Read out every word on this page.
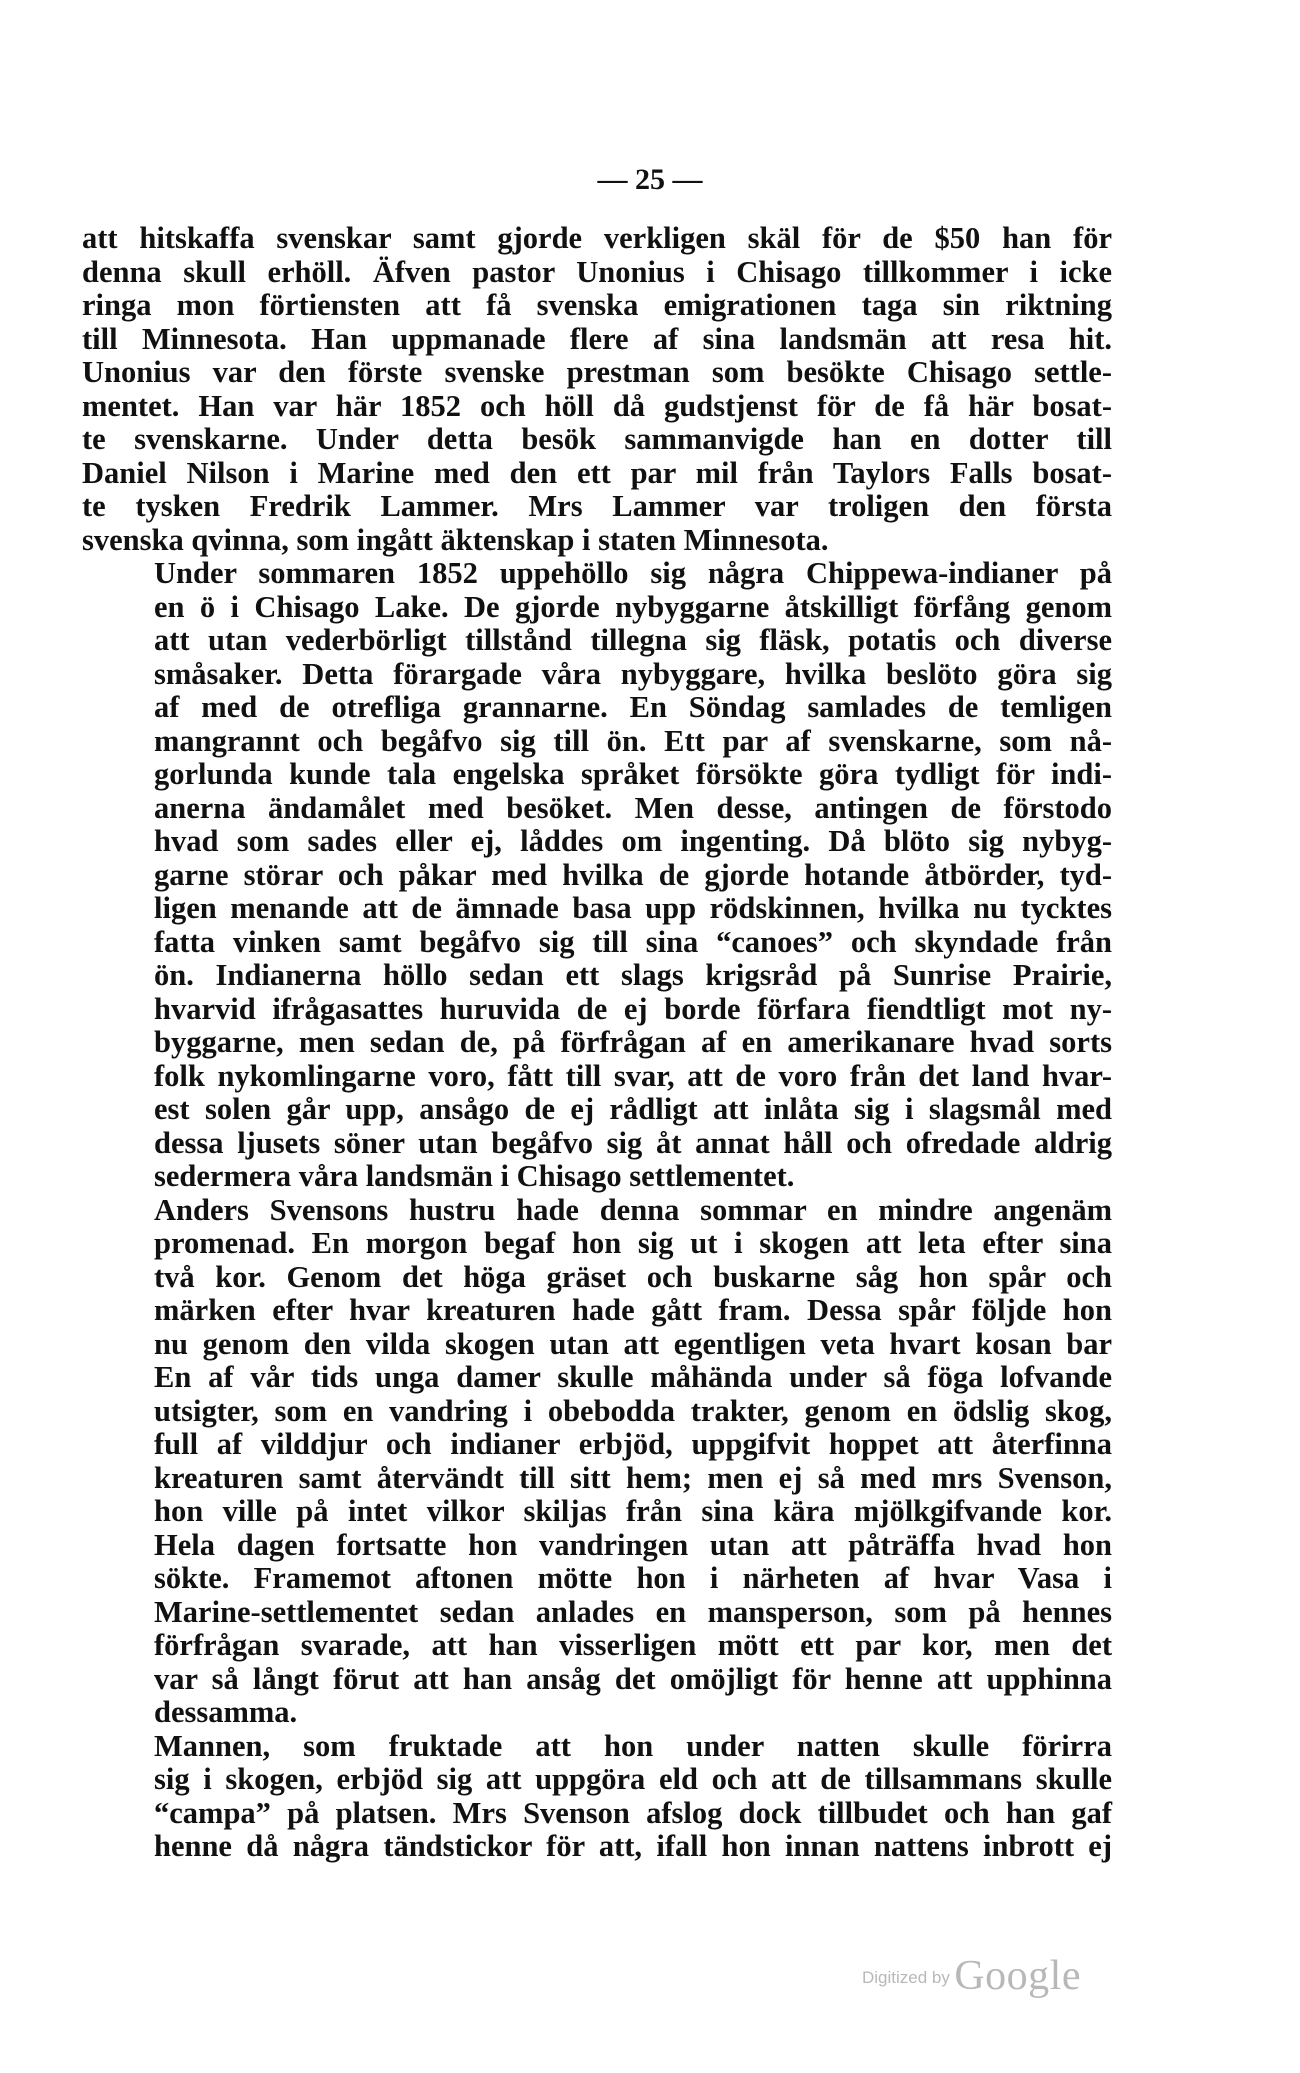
— 25 —
att hitskaffa svenskar samt gjorde verkligen skäl för de $50 han för
denna skull erhöll. Äfven pastor Unonius i Chisago tillkommer i icke
ringa mon förtiensten att få svenska emigrationen taga sin riktning
till Minnesota. Han uppmanade flere af sina landsmän att resa hit.
Unonius var den förste svenske prestman som besökte Chisago settle-
mentet. Han var här 1852 och höll då gudstjenst för de få här bosat-
te svenskarne. Under detta besök sammanvigde han en dotter till
Daniel Nilson i Marine med den ett par mil från Taylors Falls bosat-
te tysken Fredrik Lammer. Mrs Lammer var troligen den första
svenska qvinna, som ingått äktenskap i staten Minnesota.
Under sommaren 1852 uppehöllo sig några Chippewa-indianer på
en ö i Chisago Lake. De gjorde nybyggarne åtskilligt förfång genom
att utan vederbörligt tillstånd tillegna sig fläsk, potatis och diverse
småsaker. Detta förargade våra nybyggare, hvilka beslöto göra sig
af med de otrefliga grannarne. En Söndag samlades de temligen
mangrannt och begåfvo sig till ön. Ett par af svenskarne, som nå-
gorlunda kunde tala engelska språket försökte göra tydligt för indi-
anerna ändamålet med besöket. Men desse, antingen de förstodo
hvad som sades eller ej, låddes om ingenting. Då blöto sig nybyg-
garne störar och påkar med hvilka de gjorde hotande åtbörder, tyd-
ligen menande att de ämnade basa upp rödskinnen, hvilka nu tycktes
fatta vinken samt begåfvo sig till sina “canoes” och skyndade från
ön. Indianerna höllo sedan ett slags krigsråd på Sunrise Prairie,
hvarvid ifrågasattes huruvida de ej borde förfara fiendtligt mot ny-
byggarne, men sedan de, på förfrågan af en amerikanare hvad sorts
folk nykomlingarne voro, fått till svar, att de voro från det land hvar-
est solen går upp, ansågo de ej rådligt att inlåta sig i slagsmål med
dessa ljusets söner utan begåfvo sig åt annat håll och ofredade aldrig
sedermera våra landsmän i Chisago settlementet.
Anders Svensons hustru hade denna sommar en mindre angenäm
promenad. En morgon begaf hon sig ut i skogen att leta efter sina
två kor. Genom det höga gräset och buskarne såg hon spår och
märken efter hvar kreaturen hade gått fram. Dessa spår följde hon
nu genom den vilda skogen utan att egentligen veta hvart kosan bar
En af vår tids unga damer skulle måhända under så föga lofvande
utsigter, som en vandring i obebodda trakter, genom en ödslig skog,
full af vilddjur och indianer erbjöd, uppgifvit hoppet att återfinna
kreaturen samt återvändt till sitt hem; men ej så med mrs Svenson,
hon ville på intet vilkor skiljas från sina kära mjölkgifvande kor.
Hela dagen fortsatte hon vandringen utan att påträffa hvad hon
sökte. Framemot aftonen mötte hon i närheten af hvar Vasa i
Marine-settlementet sedan anlades en mansperson, som på hennes
förfrågan svarade, att han visserligen mött ett par kor, men det
var så långt förut att han ansåg det omöjligt för henne att upphinna
dessamma.
Mannen, som fruktade att hon under natten skulle förirra
sig i skogen, erbjöd sig att uppgöra eld och att de tillsammans skulle
“campa” på platsen. Mrs Svenson afslog dock tillbudet och han gaf
henne då några tändstickor för att, ifall hon innan nattens inbrott ej
Digitized by Google
